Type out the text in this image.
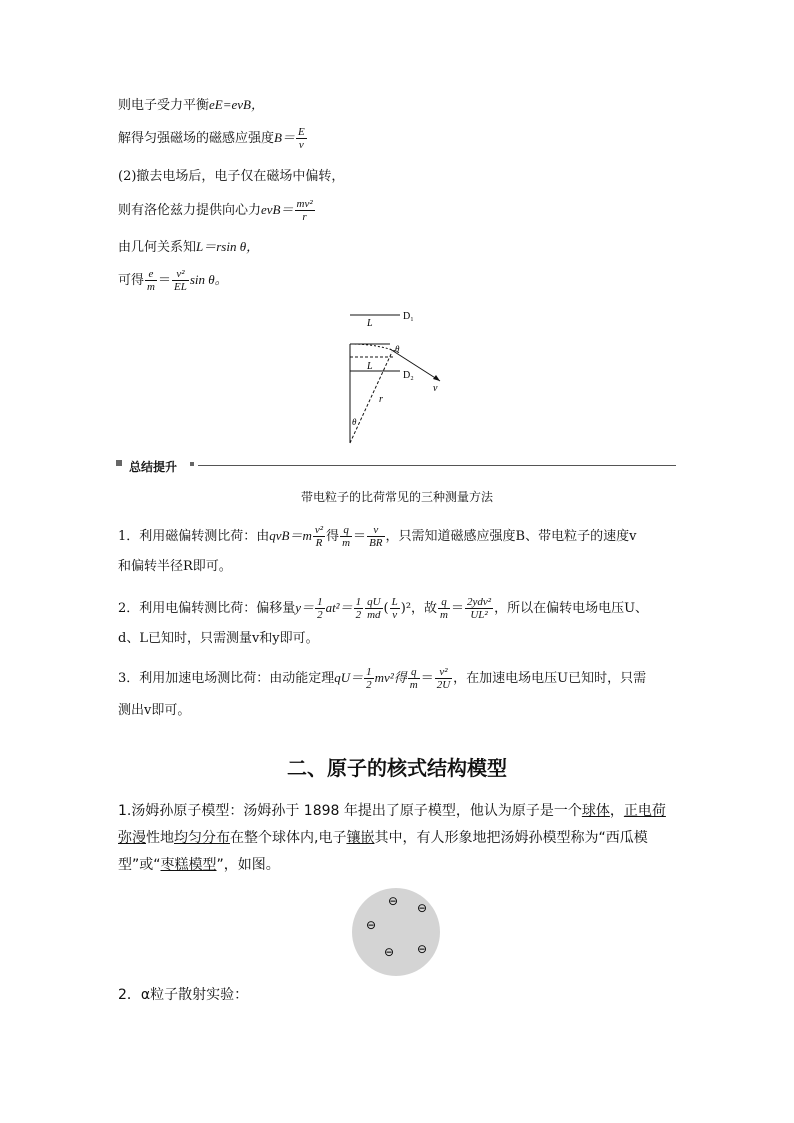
则电子受力平衡eE=evB，
解得匀强磁场的磁感应强度$B= \frac{E}{v}$
(2)撤去电场后，电子仅在磁场中偏转，
则有洛伦兹力提供向心力$evB= \frac{\text{mv²}}{r}$
由几何关系知L＝rsin θ，
可得 $\frac{e}{m} = \frac{\text{v²}}{EL}$ sin θ。
L
D₁
L
D₂
v
r
θ
θ
总结提升
带电粒子的比荷常见的三种测量方法
1．利用磁偏转测比荷：由$qvB=m \frac{\text{v²}}{R}$ 得 $\frac{q}{m} = \frac{v}{BR}$ ，只需知道磁感应强度B、带电粒子的速度v
和偏转半径R即可。
2．利用电偏转测比荷：偏移量$y= \frac{1}{2} at^2= \frac{1}{2} \frac{qU}{md}$ ( $\frac{L}{v} )^2$，故 $\frac{q}{m} = \frac{\text{2ydv²}}{\text{UL²}}$ ，所以在偏转电场电压U、
d、L已知时，只需测量v和y即可。
3．利用加速电场测比荷：由动能定理$qU= \frac{1}{2} mv^2$得 $\frac{q}{m} = \frac{\text{v²}}{2U}$ ，在加速电场电压U已知时，只需
测出v即可。
二、原子的核式结构模型
1.汤姆孙原子模型：汤姆孙于 1898 年提出了原子模型，他认为原子是一个球体，正电荷弥漫性地均匀分布在整个球体内,电子镶嵌其中，有人形象地把汤姆孙模型称为“西瓜模型”或“枣糕模型”，如图。
⊖ ⊖
⊖
⊖ ⊖
2．α粒子散射实验：
